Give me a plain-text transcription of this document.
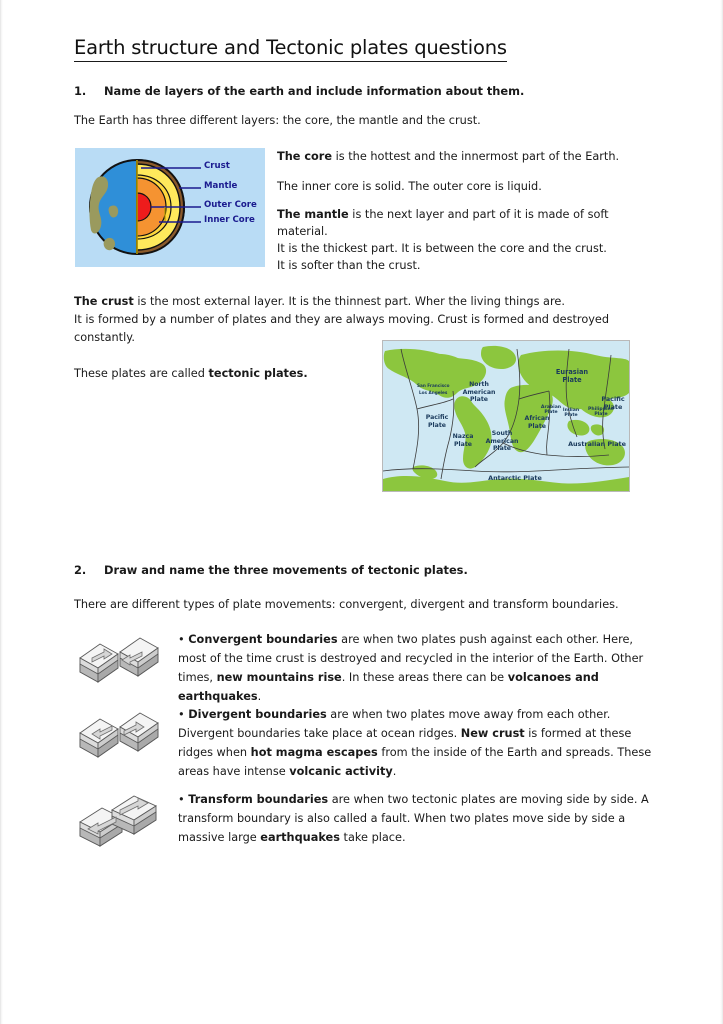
Earth structure and Tectonic plates questions
1. Name de layers of the earth and include information about them.
The Earth has three different layers: the core, the mantle and the crust.
Crust
Mantle
Outer Core
Inner Core
The core is the hottest and the innermost part of the Earth.
The inner core is solid. The outer core is liquid.
The mantle is the next layer and part of it is made of soft
material.
It is the thickest part. It is between the core and the crust.
It is softer than the crust.
The crust is the most external layer. It is the thinnest part. Wher the living things are.
It is formed by a number of plates and they are always moving. Crust is formed and destroyed
constantly.
These plates are called tectonic plates.
Pacific
Plate
North
American
Plate
Nazca
Plate
South
American
Plate
African
Plate
Eurasian
Plate
Australian Plate
Antarctic Plate
Arabian
Plate	Indian
Plate
Philippine
Plate
Pacific
Plate
San Francisco
Los Angeles
2. Draw and name the three movements of tectonic plates.
There are different types of plate movements: convergent, divergent and transform boundaries.
• Convergent boundaries are when two plates push against each other. Here, most of the time crust is destroyed and recycled in the interior of the Earth. Other times, new mountains rise. In these areas there can be volcanoes and earthquakes.
• Divergent boundaries are when two plates move away from each other. Divergent boundaries take place at ocean ridges. New crust is formed at these ridges when hot magma escapes from the inside of the Earth and spreads. These areas have intense volcanic activity.
• Transform boundaries are when two tectonic plates are moving side by side. A transform boundary is also called a fault. When two plates move side by side a massive large earthquakes take place.
